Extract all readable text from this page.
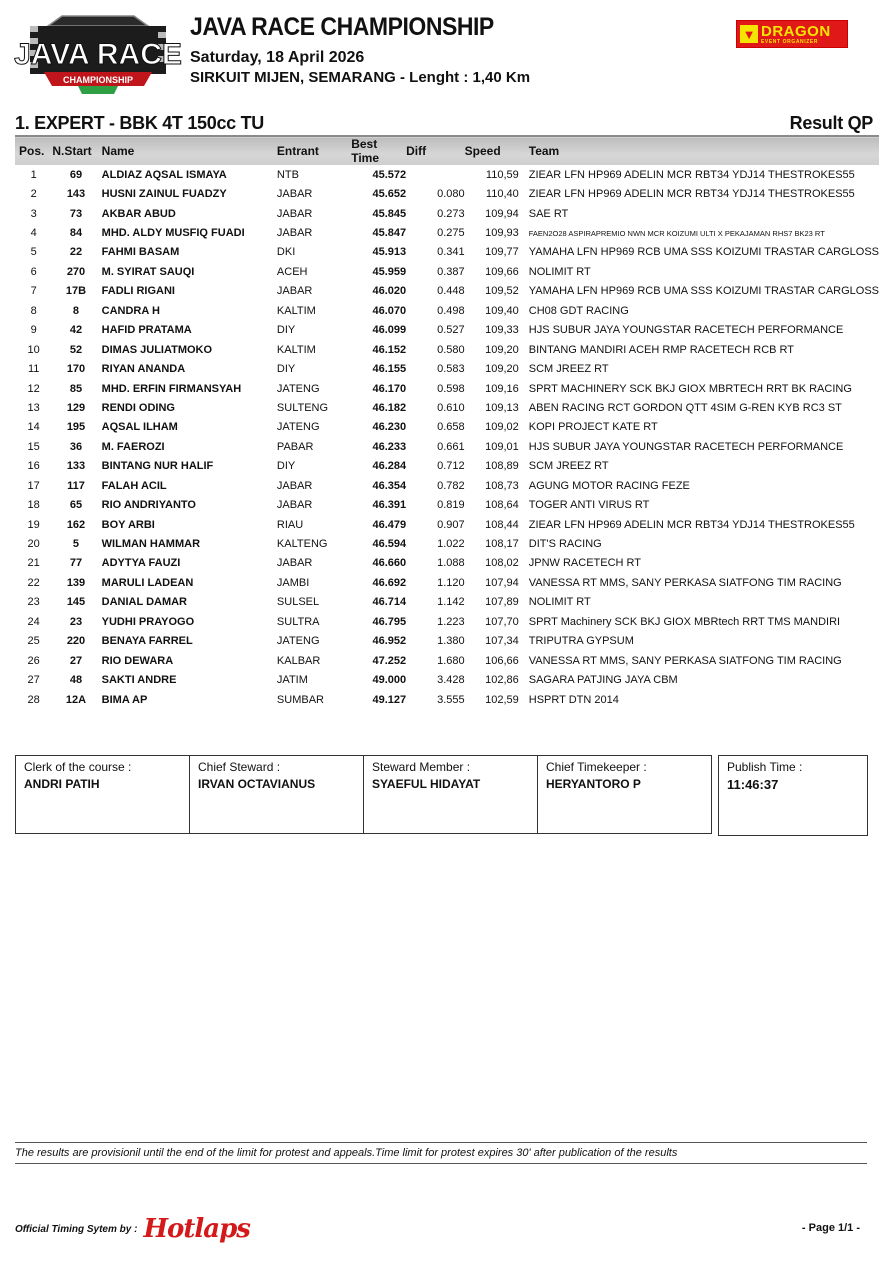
JAVA RACE
CHAMPIONSHIP
JAVA RACE CHAMPIONSHIP
Saturday, 18 April 2026
SIRKUIT MIJEN, SEMARANG - Lenght : 1,40 Km
▼ DRAGON
EVENT ORGANIZER
1. EXPERT - BBK 4T 150cc TU	Result QP
Pos.	N.Start	Name	Entrant	Best Time	Diff	Speed	Team
1	69	ALDIAZ AQSAL ISMAYA	NTB	45.572		110,59	ZIEAR LFN HP969 ADELIN MCR RBT34 YDJ14 THESTROKES55
2	143	HUSNI ZAINUL FUADZY	JABAR	45.652	0.080	110,40	ZIEAR LFN HP969 ADELIN MCR RBT34 YDJ14 THESTROKES55
3	73	AKBAR ABUD	JABAR	45.845	0.273	109,94	SAE RT
4	84	MHD. ALDY MUSFIQ FUADI	JABAR	45.847	0.275	109,93	FAEN2O28 ASPIRAPREMIO NWN MCR KOIZUMI ULTI X PEKAJAMAN RHS7 BK23 RT
5	22	FAHMI BASAM	DKI	45.913	0.341	109,77	YAMAHA LFN HP969 RCB UMA SSS KOIZUMI TRASTAR CARGLOSS
6	270	M. SYIRAT SAUQI	ACEH	45.959	0.387	109,66	NOLIMIT RT
7	17B	FADLI RIGANI	JABAR	46.020	0.448	109,52	YAMAHA LFN HP969 RCB UMA SSS KOIZUMI TRASTAR CARGLOSS
8	8	CANDRA H	KALTIM	46.070	0.498	109,40	CH08 GDT RACING
9	42	HAFID PRATAMA	DIY	46.099	0.527	109,33	HJS SUBUR JAYA YOUNGSTAR RACETECH PERFORMANCE
10	52	DIMAS JULIATMOKO	KALTIM	46.152	0.580	109,20	BINTANG MANDIRI ACEH RMP RACETECH RCB RT
11	170	RIYAN ANANDA	DIY	46.155	0.583	109,20	SCM JREEZ RT
12	85	MHD. ERFIN FIRMANSYAH	JATENG	46.170	0.598	109,16	SPRT MACHINERY SCK BKJ GIOX MBRTECH RRT BK RACING
13	129	RENDI ODING	SULTENG	46.182	0.610	109,13	ABEN RACING RCT GORDON QTT 4SIM G-REN KYB RC3 ST
14	195	AQSAL ILHAM	JATENG	46.230	0.658	109,02	KOPI PROJECT KATE RT
15	36	M. FAEROZI	PABAR	46.233	0.661	109,01	HJS SUBUR JAYA YOUNGSTAR RACETECH PERFORMANCE
16	133	BINTANG NUR HALIF	DIY	46.284	0.712	108,89	SCM JREEZ RT
17	117	FALAH ACIL	JABAR	46.354	0.782	108,73	AGUNG MOTOR RACING FEZE
18	65	RIO ANDRIYANTO	JABAR	46.391	0.819	108,64	TOGER ANTI VIRUS RT
19	162	BOY ARBI	RIAU	46.479	0.907	108,44	ZIEAR LFN HP969 ADELIN MCR RBT34 YDJ14 THESTROKES55
20	5	WILMAN HAMMAR	KALTENG	46.594	1.022	108,17	DIT'S RACING
21	77	ADYTYA FAUZI	JABAR	46.660	1.088	108,02	JPNW RACETECH RT
22	139	MARULI LADEAN	JAMBI	46.692	1.120	107,94	VANESSA RT MMS, SANY PERKASA SIATFONG TIM RACING
23	145	DANIAL DAMAR	SULSEL	46.714	1.142	107,89	NOLIMIT RT
24	23	YUDHI PRAYOGO	SULTRA	46.795	1.223	107,70	SPRT Machinery SCK BKJ GIOX MBRtech RRT TMS MANDIRI
25	220	BENAYA FARREL	JATENG	46.952	1.380	107,34	TRIPUTRA GYPSUM
26	27	RIO DEWARA	KALBAR	47.252	1.680	106,66	VANESSA RT MMS, SANY PERKASA SIATFONG TIM RACING
27	48	SAKTI ANDRE	JATIM	49.000	3.428	102,86	SAGARA PATJING JAYA CBM
28	12A	BIMA AP	SUMBAR	49.127	3.555	102,59	HSPRT DTN 2014
Clerk of the course :
ANDRI PATIH
Chief Steward :
IRVAN OCTAVIANUS
Steward Member :
SYAEFUL HIDAYAT
Chief Timekeeper :
HERYANTORO P
Publish Time :
11:46:37
The results are provisionil until the end of the limit for protest and appeals.Time limit for protest expires 30' after publication of the results
Official Timing Sytem by : Hotlaps	- Page 1/1 -
